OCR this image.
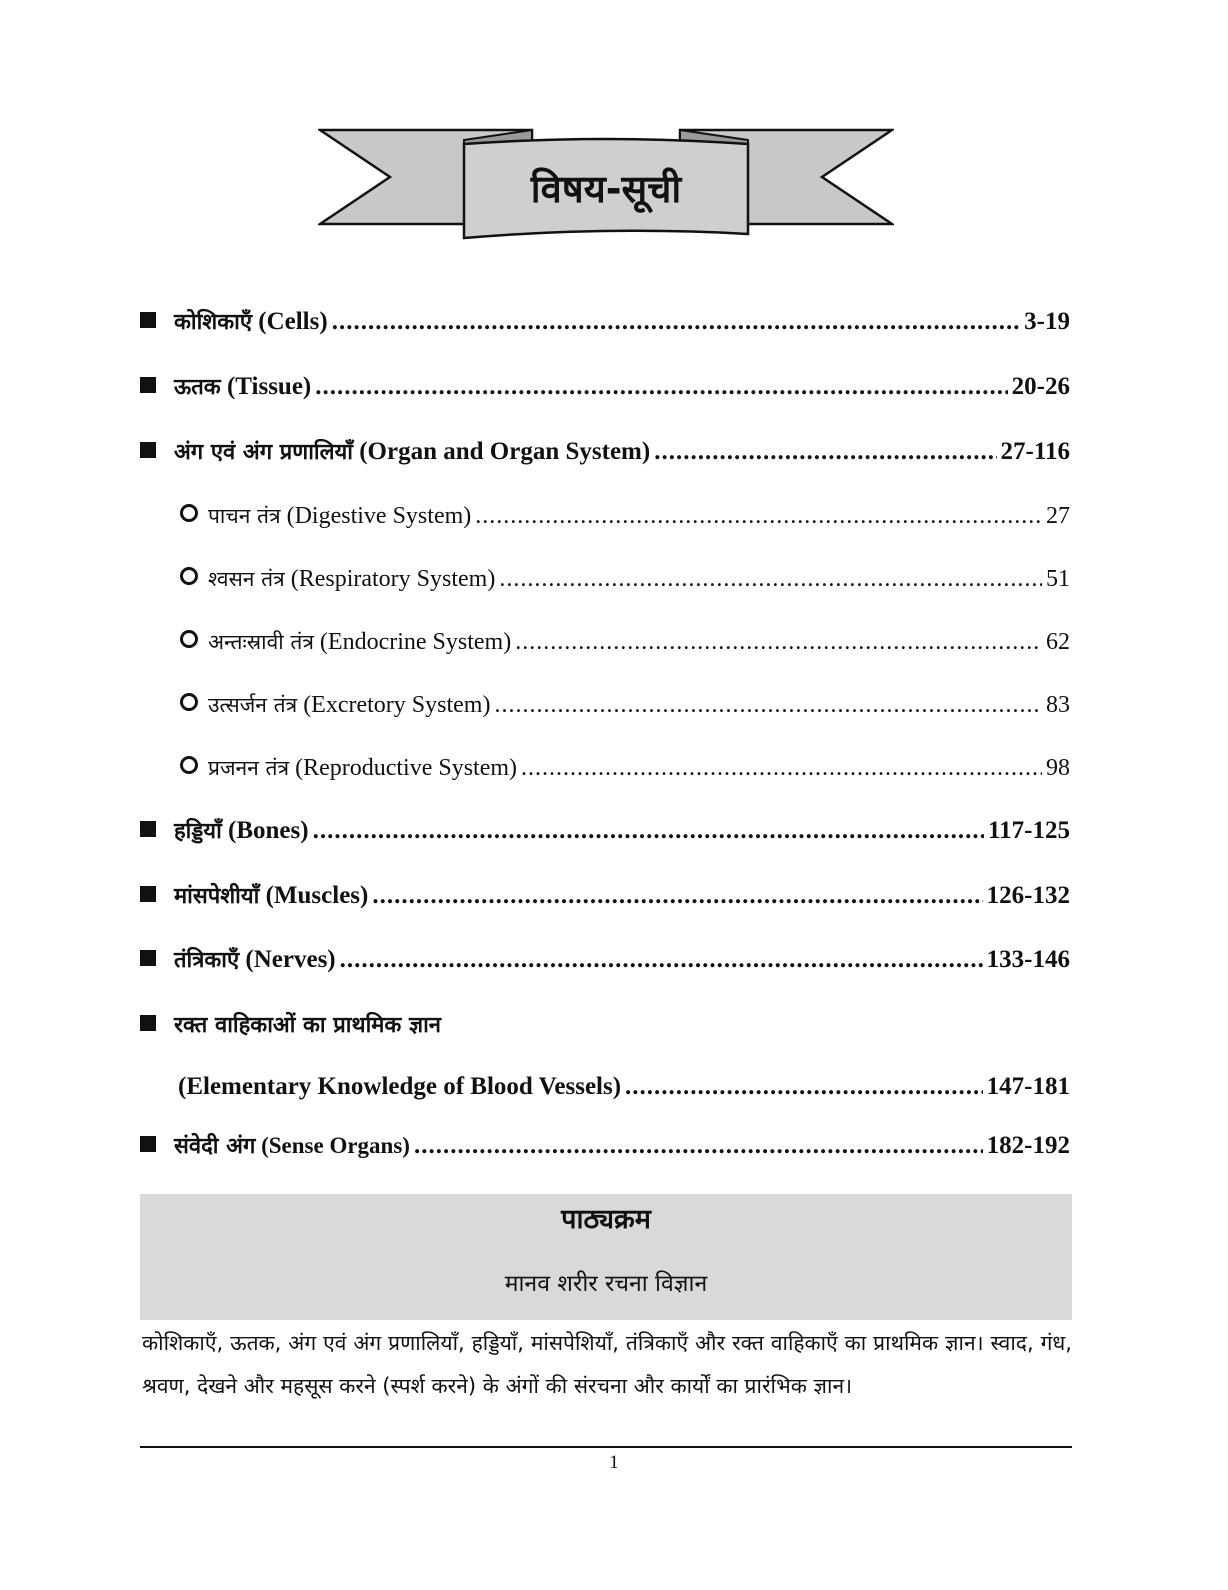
विषय-सूची
कोशिकाएँ (Cells) .....	3-19
ऊतक (Tissue) .....	20-26
अंग एवं अंग प्रणालियाँ (Organ and Organ System) .....	27-116
पाचन तंत्र (Digestive System) .....	27
श्वसन तंत्र (Respiratory System) .....	51
अन्तःस्रावी तंत्र (Endocrine System) .....	62
उत्सर्जन तंत्र (Excretory System) .....	83
प्रजनन तंत्र (Reproductive System) .....	98
हड्डियाँ (Bones) .....	117-125
मांसपेशीयाँ (Muscles) .....	126-132
तंत्रिकाएँ (Nerves) .....	133-146
रक्त वाहिकाओं का प्राथमिक ज्ञान
(Elementary Knowledge of Blood Vessels) .....	147-181
संवेदी अंग (Sense Organs) .....	182-192
पाठ्यक्रम
मानव शरीर रचना विज्ञान
कोशिकाएँ, ऊतक, अंग एवं अंग प्रणालियाँ, हड्डियाँ, मांसपेशियाँ, तंत्रिकाएँ और रक्त वाहिकाएँ का प्राथमिक ज्ञान। स्वाद, गंध, श्रवण, देखने और महसूस करने (स्पर्श करने) के अंगों की संरचना और कार्यों का प्रारंभिक ज्ञान।
1
